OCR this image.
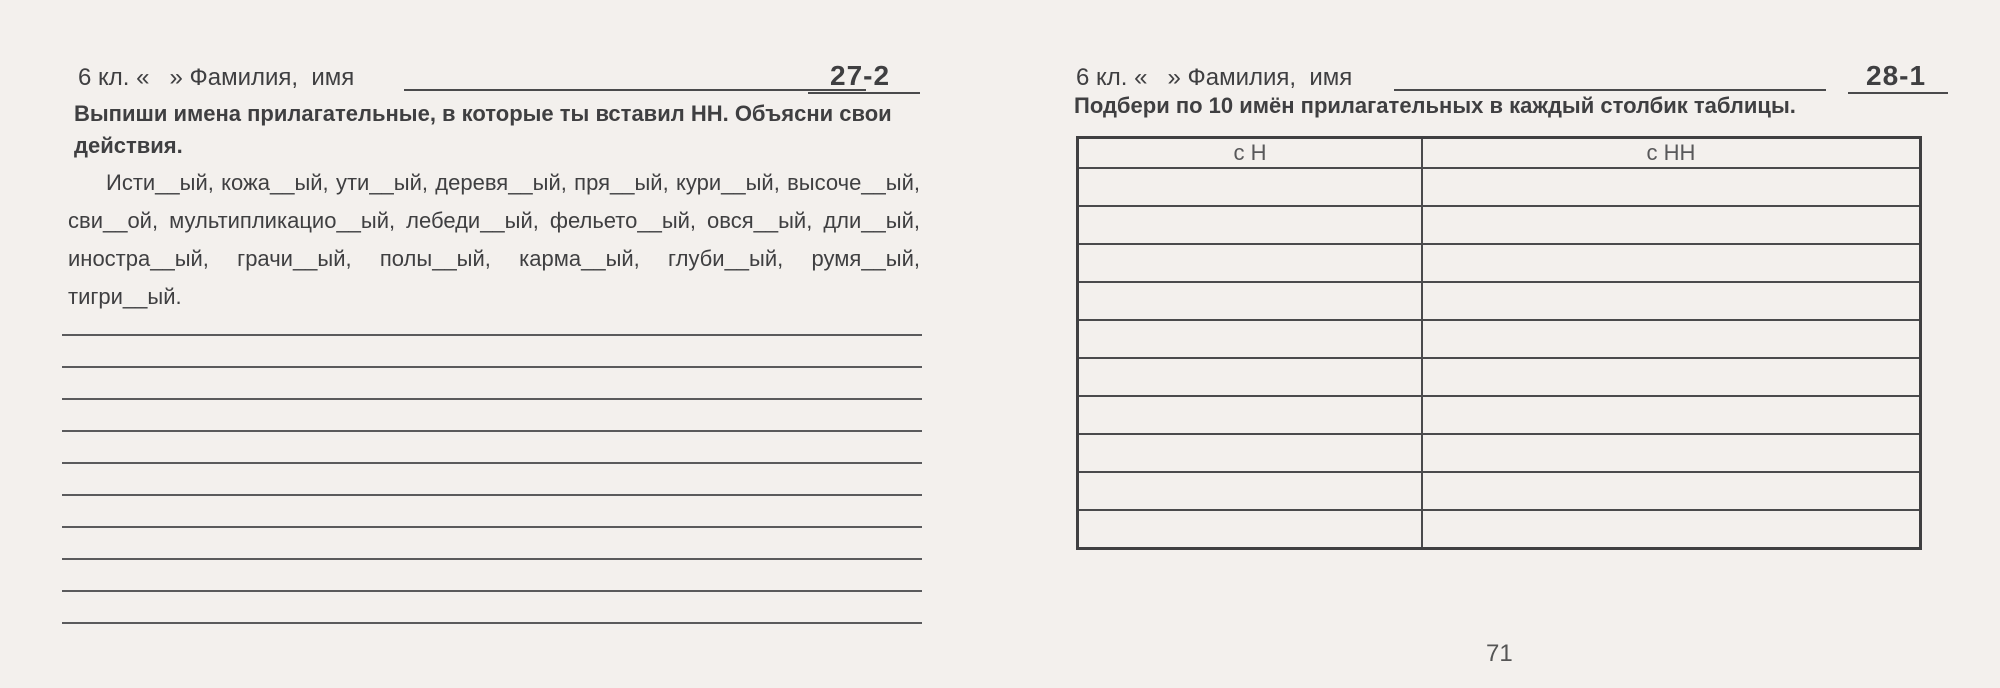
6 кл. «   » Фамилия,  имя	27-2
Выпиши имена прилагательные, в которые ты вставил НН. Объясни свои действия.
Исти__ый, кожа__ый, ути__ый, деревя__ый, пря__ый, кури__ый, высоче__ый, сви__ой, мультипликацио__ый, лебеди__ый, фельето__ый, овся__ый, дли__ый, иностра__ый, грачи__ый, полы__ый, карма__ый, глуби__ый, румя__ый, тигри__ый.
6 кл. «   » Фамилия,  имя	28-1
Подбери по 10 имён прилагательных в каждый столбик таблицы.
с Н	с НН

71
